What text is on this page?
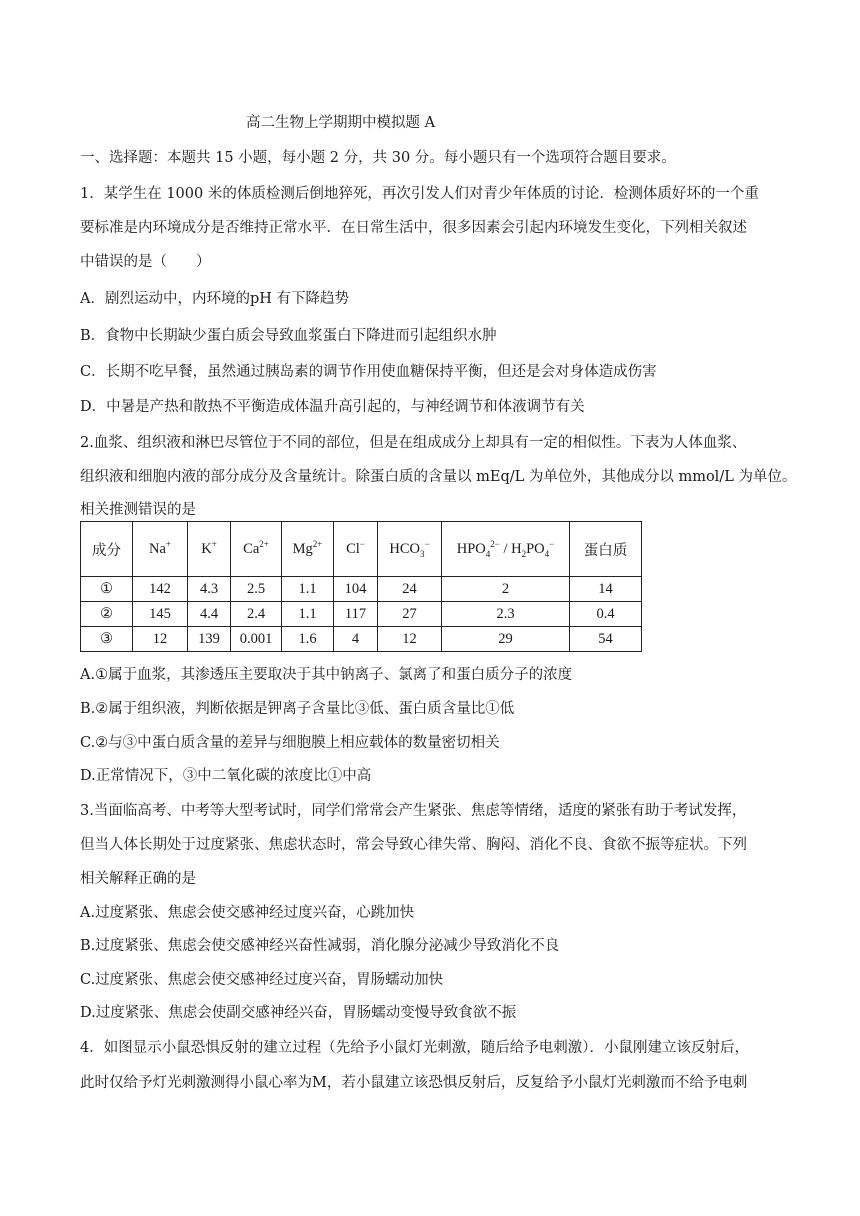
高二生物上学期期中模拟题 A
一、选择题：本题共 15 小题，每小题 2 分，共 30 分。每小题只有一个选项符合题目要求。
1．某学生在 1000 米的体质检测后倒地猝死，再次引发人们对青少年体质的讨论．检测体质好坏的一个重
要标准是内环境成分是否维持正常水平．在日常生活中，很多因素会引起内环境发生变化，下列相关叙述
中错误的是（　　）
A．剧烈运动中，内环境的pH 有下降趋势
B．食物中长期缺少蛋白质会导致血浆蛋白下降进而引起组织水肿
C．长期不吃早餐，虽然通过胰岛素的调节作用使血糖保持平衡，但还是会对身体造成伤害
D．中暑是产热和散热不平衡造成体温升高引起的，与神经调节和体液调节有关
2.血浆、组织液和淋巴尽管位于不同的部位，但是在组成成分上却具有一定的相似性。下表为人体血浆、
组织液和细胞内液的部分成分及含量统计。除蛋白质的含量以 mEq/L 为单位外，其他成分以 mmol/L 为单位。
相关推测错误的是
成分	Na+	K+	$Ca^{2+}$	$Mg^{2+}$	Cl−	$HCO_3^-$	$HPO_4^{2-} / H_2PO_4^-$	蛋白质
①	142	4.3	2.5	1.1	104	24	2	14
②	145	4.4	2.4	1.1	117	27	2.3	0.4
③	12	139	0.001	1.6	4	12	29	54
A.①属于血浆，其渗透压主要取决于其中钠离子、氯离了和蛋白质分子的浓度
B.②属于组织液，判断依据是钾离子含量比③低、蛋白质含量比①低
C.②与③中蛋白质含量的差异与细胞膜上相应载体的数量密切相关
D.正常情况下，③中二氧化碳的浓度比①中高
3.当面临高考、中考等大型考试时，同学们常常会产生紧张、焦虑等情绪，适度的紧张有助于考试发挥，
但当人体长期处于过度紧张、焦虑状态时，常会导致心律失常、胸闷、消化不良、食欲不振等症状。下列
相关解释正确的是
A.过度紧张、焦虑会使交感神经过度兴奋，心跳加快
B.过度紧张、焦虑会使交感神经兴奋性减弱，消化腺分泌减少导致消化不良
C.过度紧张、焦虑会使交感神经过度兴奋，胃肠蠕动加快
D.过度紧张、焦虑会使副交感神经兴奋，胃肠蠕动变慢导致食欲不振
4．如图显示小鼠恐惧反射的建立过程（先给予小鼠灯光刺激，随后给予电刺激）．小鼠刚建立该反射后，
此时仅给予灯光刺激测得小鼠心率为M，若小鼠建立该恐惧反射后，反复给予小鼠灯光刺激而不给予电刺
